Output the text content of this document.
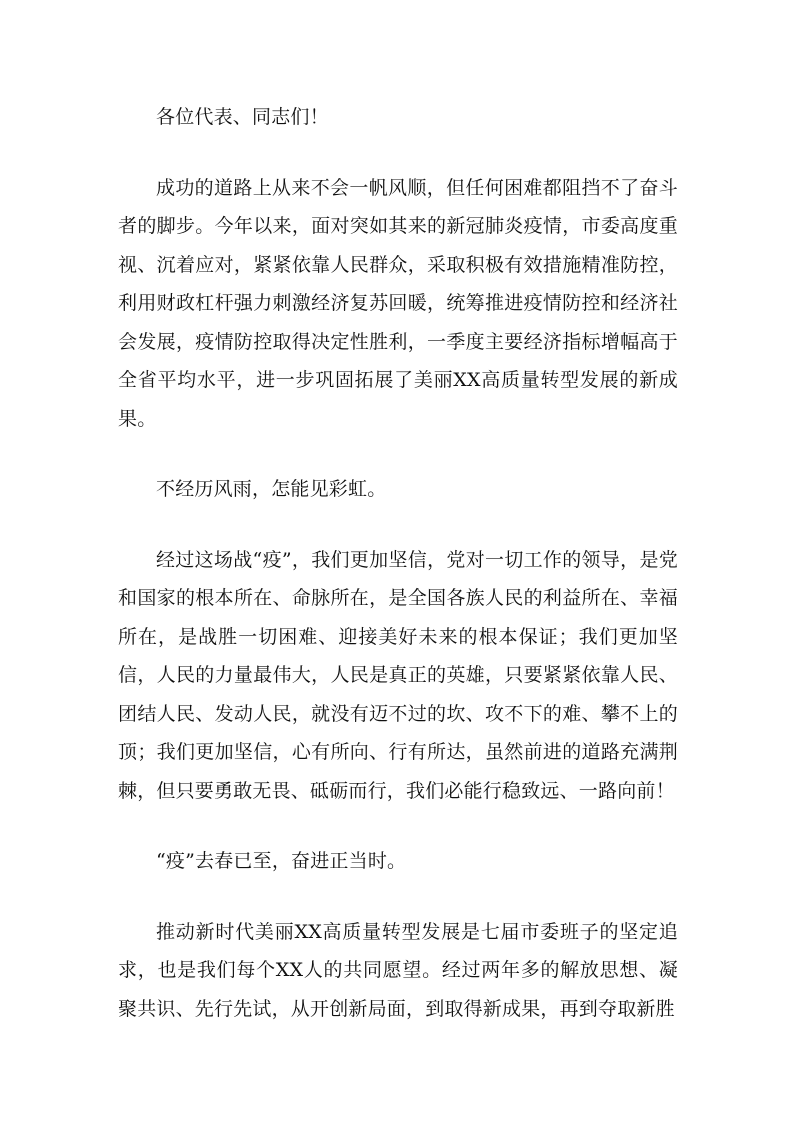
各位代表、同志们！

成功的道路上从来不会一帆风顺，但任何困难都阻挡不了奋斗者的脚步。今年以来，面对突如其来的新冠肺炎疫情，市委高度重视、沉着应对，紧紧依靠人民群众，采取积极有效措施精准防控，利用财政杠杆强力刺激经济复苏回暖，统筹推进疫情防控和经济社会发展，疫情防控取得决定性胜利，一季度主要经济指标增幅高于全省平均水平，进一步巩固拓展了美丽XX高质量转型发展的新成果。

不经历风雨，怎能见彩虹。

经过这场战“疫”，我们更加坚信，党对一切工作的领导，是党和国家的根本所在、命脉所在，是全国各族人民的利益所在、幸福所在，是战胜一切困难、迎接美好未来的根本保证；我们更加坚信，人民的力量最伟大，人民是真正的英雄，只要紧紧依靠人民、团结人民、发动人民，就没有迈不过的坎、攻不下的难、攀不上的顶；我们更加坚信，心有所向、行有所达，虽然前进的道路充满荆棘，但只要勇敢无畏、砥砺而行，我们必能行稳致远、一路向前！

“疫”去春已至，奋进正当时。

推动新时代美丽XX高质量转型发展是七届市委班子的坚定追求，也是我们每个XX人的共同愿望。经过两年多的解放思想、凝聚共识、先行先试，从开创新局面，到取得新成果，再到夺取新胜
